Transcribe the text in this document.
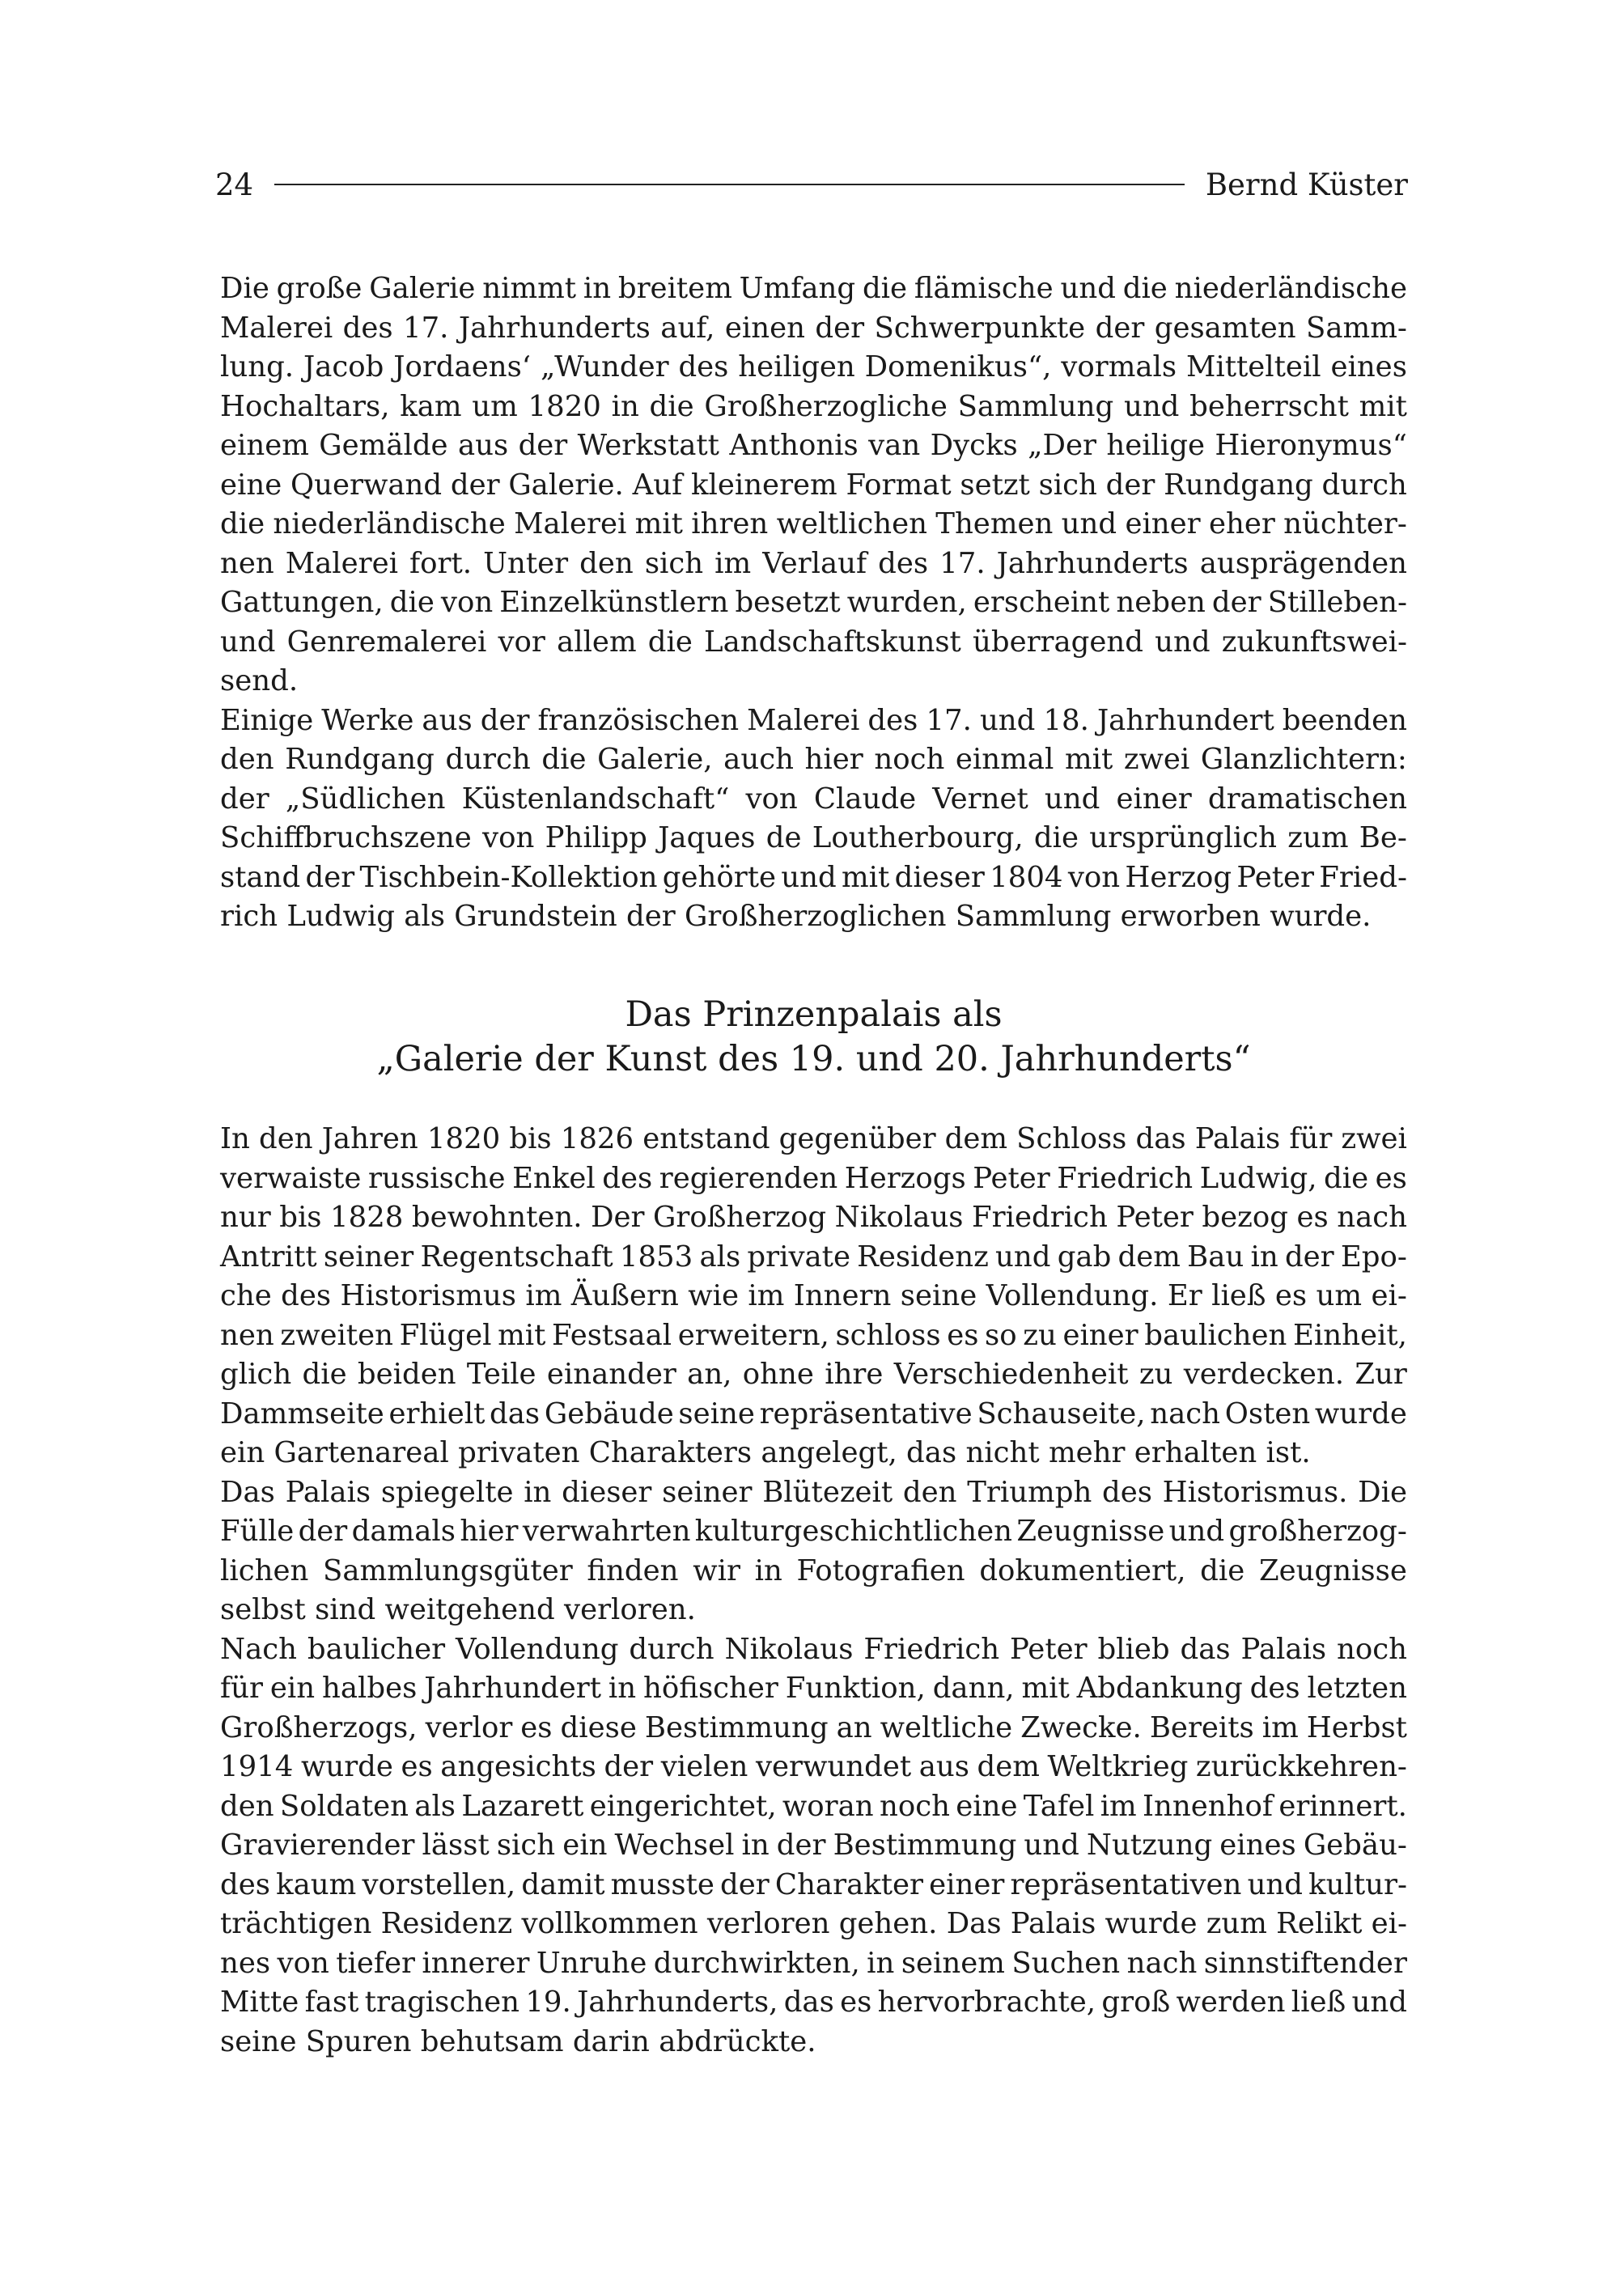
24	Bernd Küster
Die große Galerie nimmt in breitem Umfang die flämische und die niederländische
Malerei des 17. Jahrhunderts auf, einen der Schwerpunkte der gesamten Samm-
lung. Jacob Jordaens‘ „Wunder des heiligen Domenikus“, vormals Mittelteil eines
Hochaltars, kam um 1820 in die Großherzogliche Sammlung und beherrscht mit
einem Gemälde aus der Werkstatt Anthonis van Dycks „Der heilige Hieronymus“
eine Querwand der Galerie. Auf kleinerem Format setzt sich der Rundgang durch
die niederländische Malerei mit ihren weltlichen Themen und einer eher nüchter-
nen Malerei fort. Unter den sich im Verlauf des 17. Jahrhunderts ausprägenden
Gattungen, die von Einzelkünstlern besetzt wurden, erscheint neben der Stilleben-
und Genremalerei vor allem die Landschaftskunst überragend und zukunftswei-
send.
Einige Werke aus der französischen Malerei des 17. und 18. Jahrhundert beenden
den Rundgang durch die Galerie, auch hier noch einmal mit zwei Glanzlichtern:
der „Südlichen Küstenlandschaft“ von Claude Vernet und einer dramatischen
Schiffbruchszene von Philipp Jaques de Loutherbourg, die ursprünglich zum Be-
stand der Tischbein-Kollektion gehörte und mit dieser 1804 von Herzog Peter Fried-
rich Ludwig als Grundstein der Großherzoglichen Sammlung erworben wurde.
Das Prinzenpalais als
„Galerie der Kunst des 19. und 20. Jahrhunderts“
In den Jahren 1820 bis 1826 entstand gegenüber dem Schloss das Palais für zwei
verwaiste russische Enkel des regierenden Herzogs Peter Friedrich Ludwig, die es
nur bis 1828 bewohnten. Der Großherzog Nikolaus Friedrich Peter bezog es nach
Antritt seiner Regentschaft 1853 als private Residenz und gab dem Bau in der Epo-
che des Historismus im Äußern wie im Innern seine Vollendung. Er ließ es um ei-
nen zweiten Flügel mit Festsaal erweitern, schloss es so zu einer baulichen Einheit,
glich die beiden Teile einander an, ohne ihre Verschiedenheit zu verdecken. Zur
Dammseite erhielt das Gebäude seine repräsentative Schauseite, nach Osten wurde
ein Gartenareal privaten Charakters angelegt, das nicht mehr erhalten ist.
Das Palais spiegelte in dieser seiner Blütezeit den Triumph des Historismus. Die
Fülle der damals hier verwahrten kulturgeschichtlichen Zeugnisse und großherzog-
lichen Sammlungsgüter finden wir in Fotografien dokumentiert, die Zeugnisse
selbst sind weitgehend verloren.
Nach baulicher Vollendung durch Nikolaus Friedrich Peter blieb das Palais noch
für ein halbes Jahrhundert in höfischer Funktion, dann, mit Abdankung des letzten
Großherzogs, verlor es diese Bestimmung an weltliche Zwecke. Bereits im Herbst
1914 wurde es angesichts der vielen verwundet aus dem Weltkrieg zurückkehren-
den Soldaten als Lazarett eingerichtet, woran noch eine Tafel im Innenhof erinnert.
Gravierender lässt sich ein Wechsel in der Bestimmung und Nutzung eines Gebäu-
des kaum vorstellen, damit musste der Charakter einer repräsentativen und kultur-
trächtigen Residenz vollkommen verloren gehen. Das Palais wurde zum Relikt ei-
nes von tiefer innerer Unruhe durchwirkten, in seinem Suchen nach sinnstiftender
Mitte fast tragischen 19. Jahrhunderts, das es hervorbrachte, groß werden ließ und
seine Spuren behutsam darin abdrückte.
